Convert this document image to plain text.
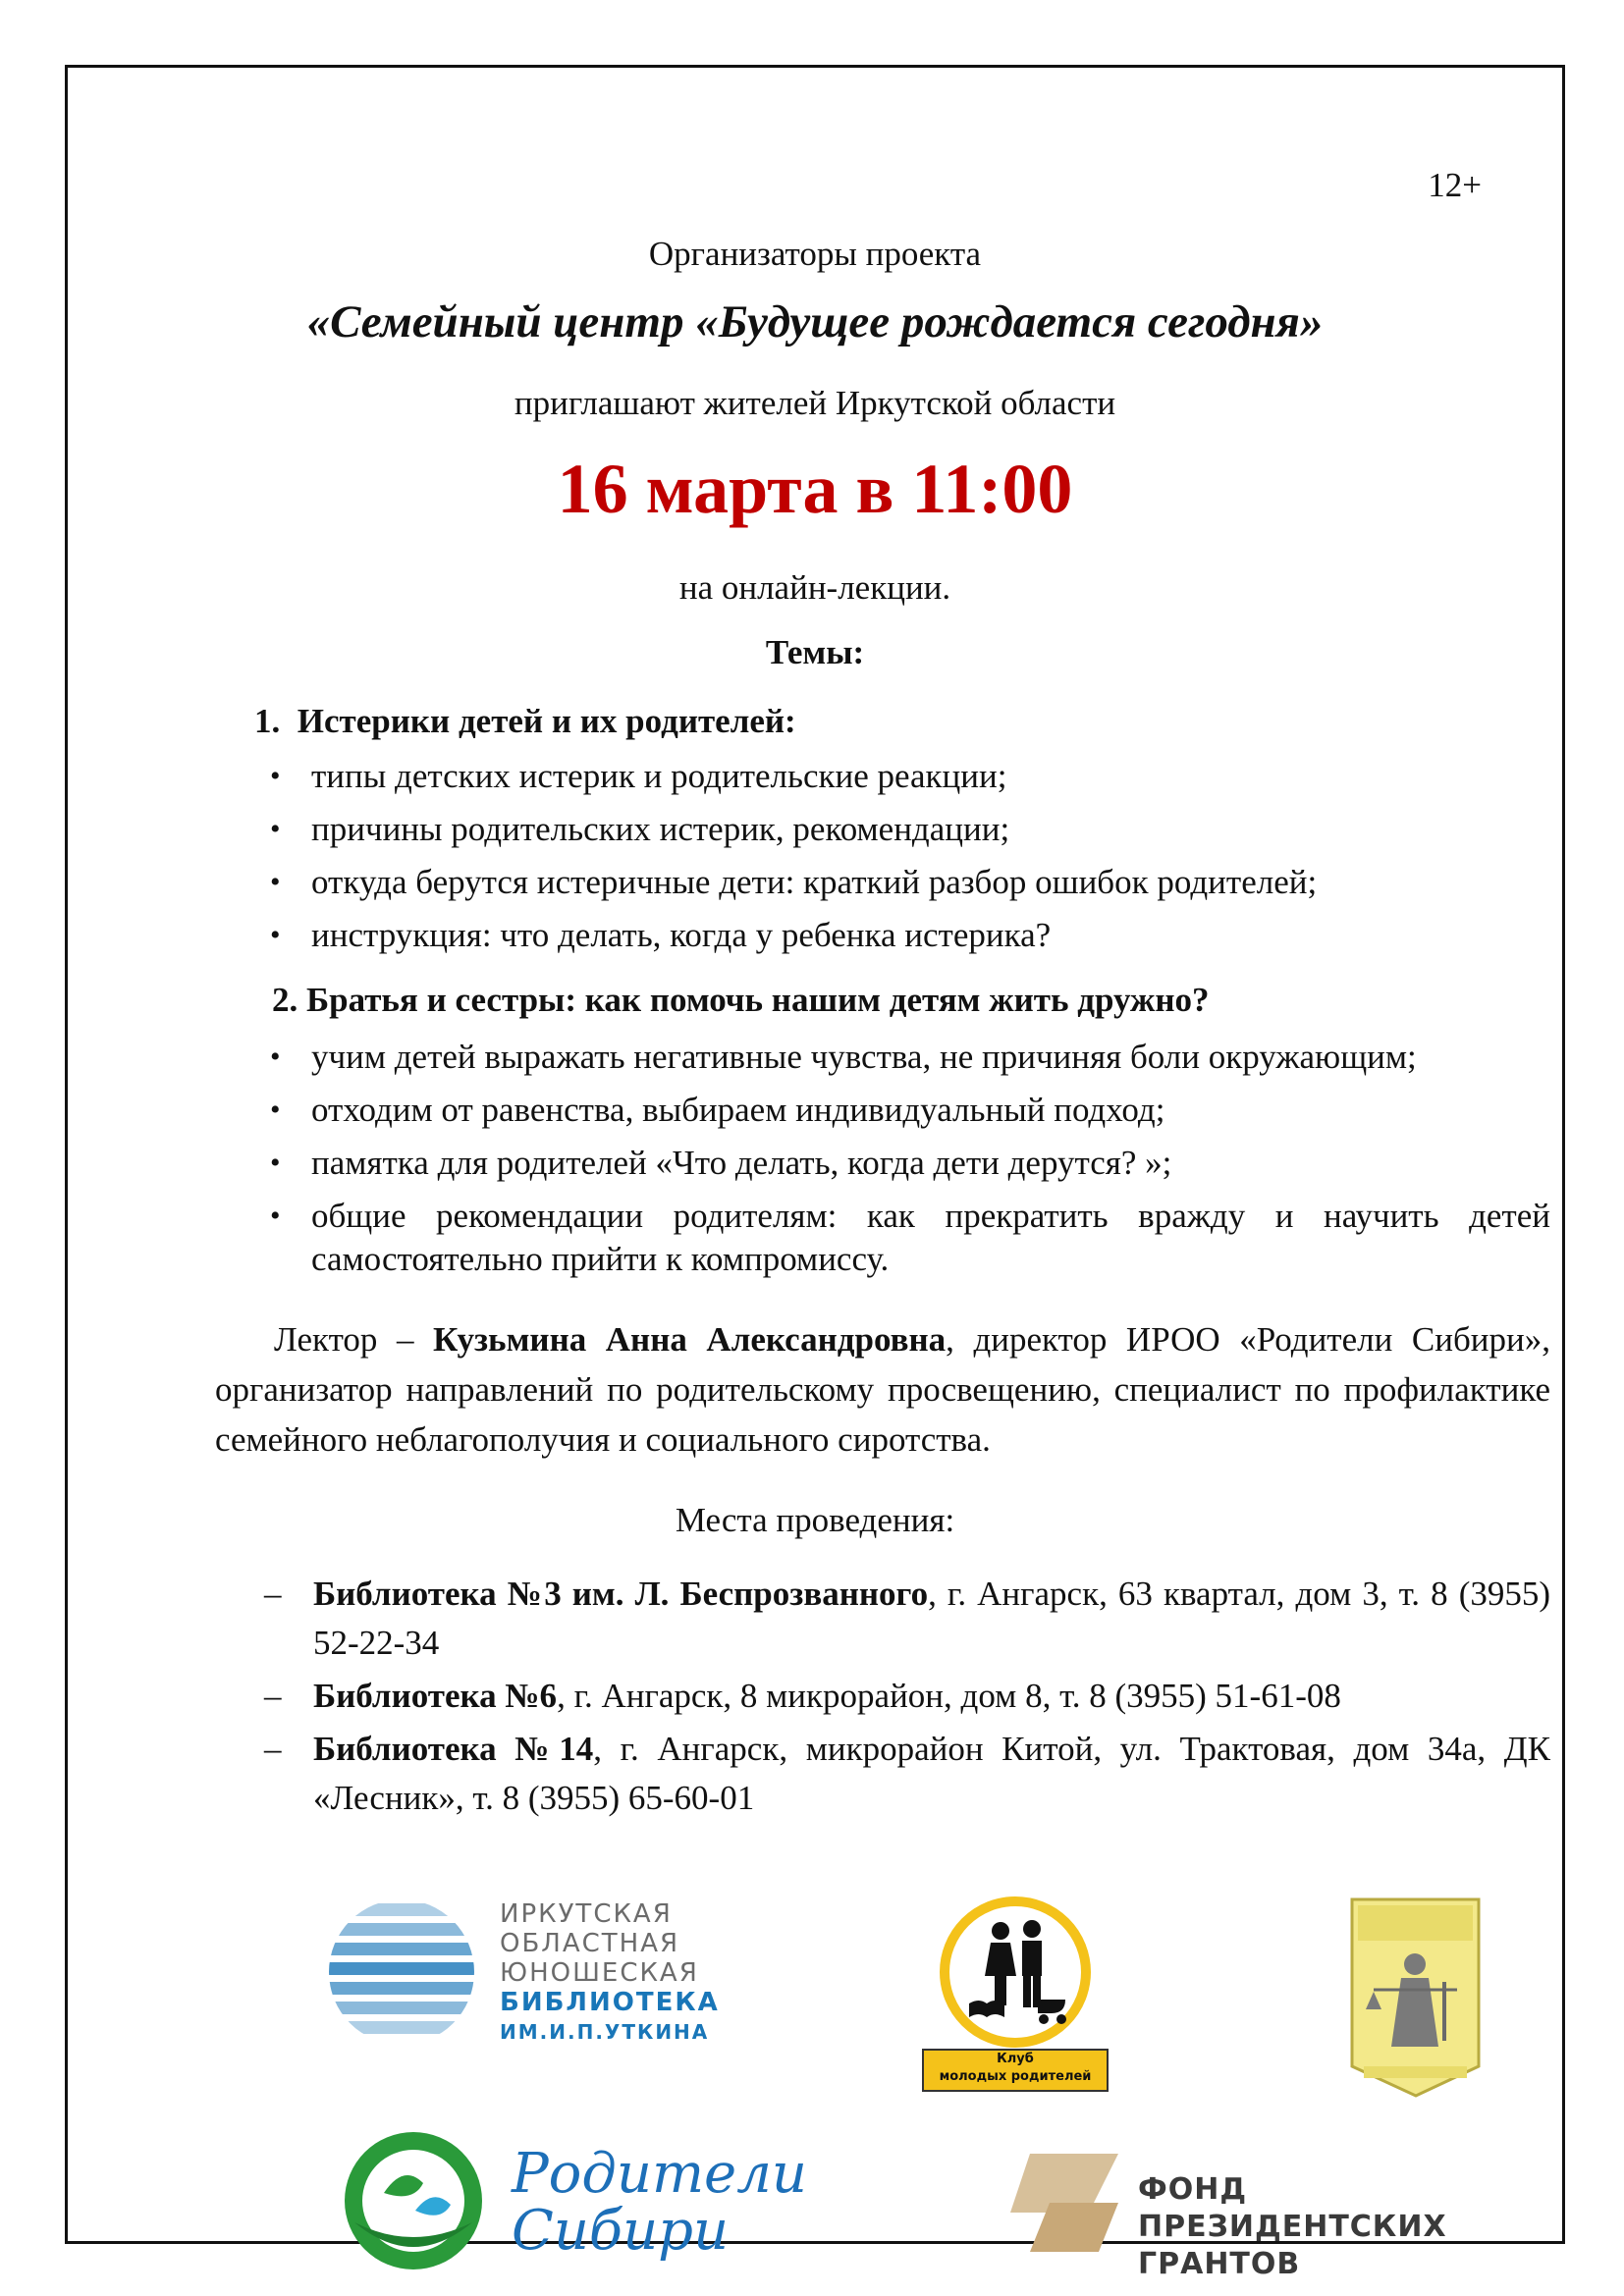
12+
Организаторы проекта
«Семейный центр «Будущее рождается сегодня»
приглашают жителей Иркутской области
16 марта в 11:00
на онлайн-лекции.
Темы:
1. Истерики детей и их родителей:
• типы детских истерик и родительские реакции;
• причины родительских истерик, рекомендации;
• откуда берутся истеричные дети: краткий разбор ошибок родителей;
• инструкция: что делать, когда у ребенка истерика?
2. Братья и сестры: как помочь нашим детям жить дружно?
• учим детей выражать негативные чувства, не причиняя боли окружающим;
• отходим от равенства, выбираем индивидуальный подход;
• памятка для родителей «Что делать, когда дети дерутся? »;
• общие рекомендации родителям: как прекратить вражду и научить детей самостоятельно прийти к компромиссу.
Лектор – Кузьмина Анна Александровна, директор ИРОО «Родители Сибири», организатор направлений по родительскому просвещению, специалист по профилактике семейного неблагополучия и социального сиротства.
Места проведения:
– Библиотека №3 им. Л. Беспрозванного, г. Ангарск, 63 квартал, дом 3, т. 8 (3955) 52-22-34
– Библиотека №6, г. Ангарск, 8 микрорайон, дом 8, т. 8 (3955) 51-61-08
– Библиотека №14, г. Ангарск, микрорайон Китой, ул. Трактовая, дом 34а, ДК «Лесник», т. 8 (3955) 65-60-01
ИРКУТСКАЯ
ОБЛАСТНАЯ
ЮНОШЕСКАЯ
БИБЛИОТЕКА
ИМ.И.П.УТКИНА
Клуб
молодых родителей
Родители
Сибири
ФОНД
ПРЕЗИДЕНТСКИХ
ГРАНТОВ
